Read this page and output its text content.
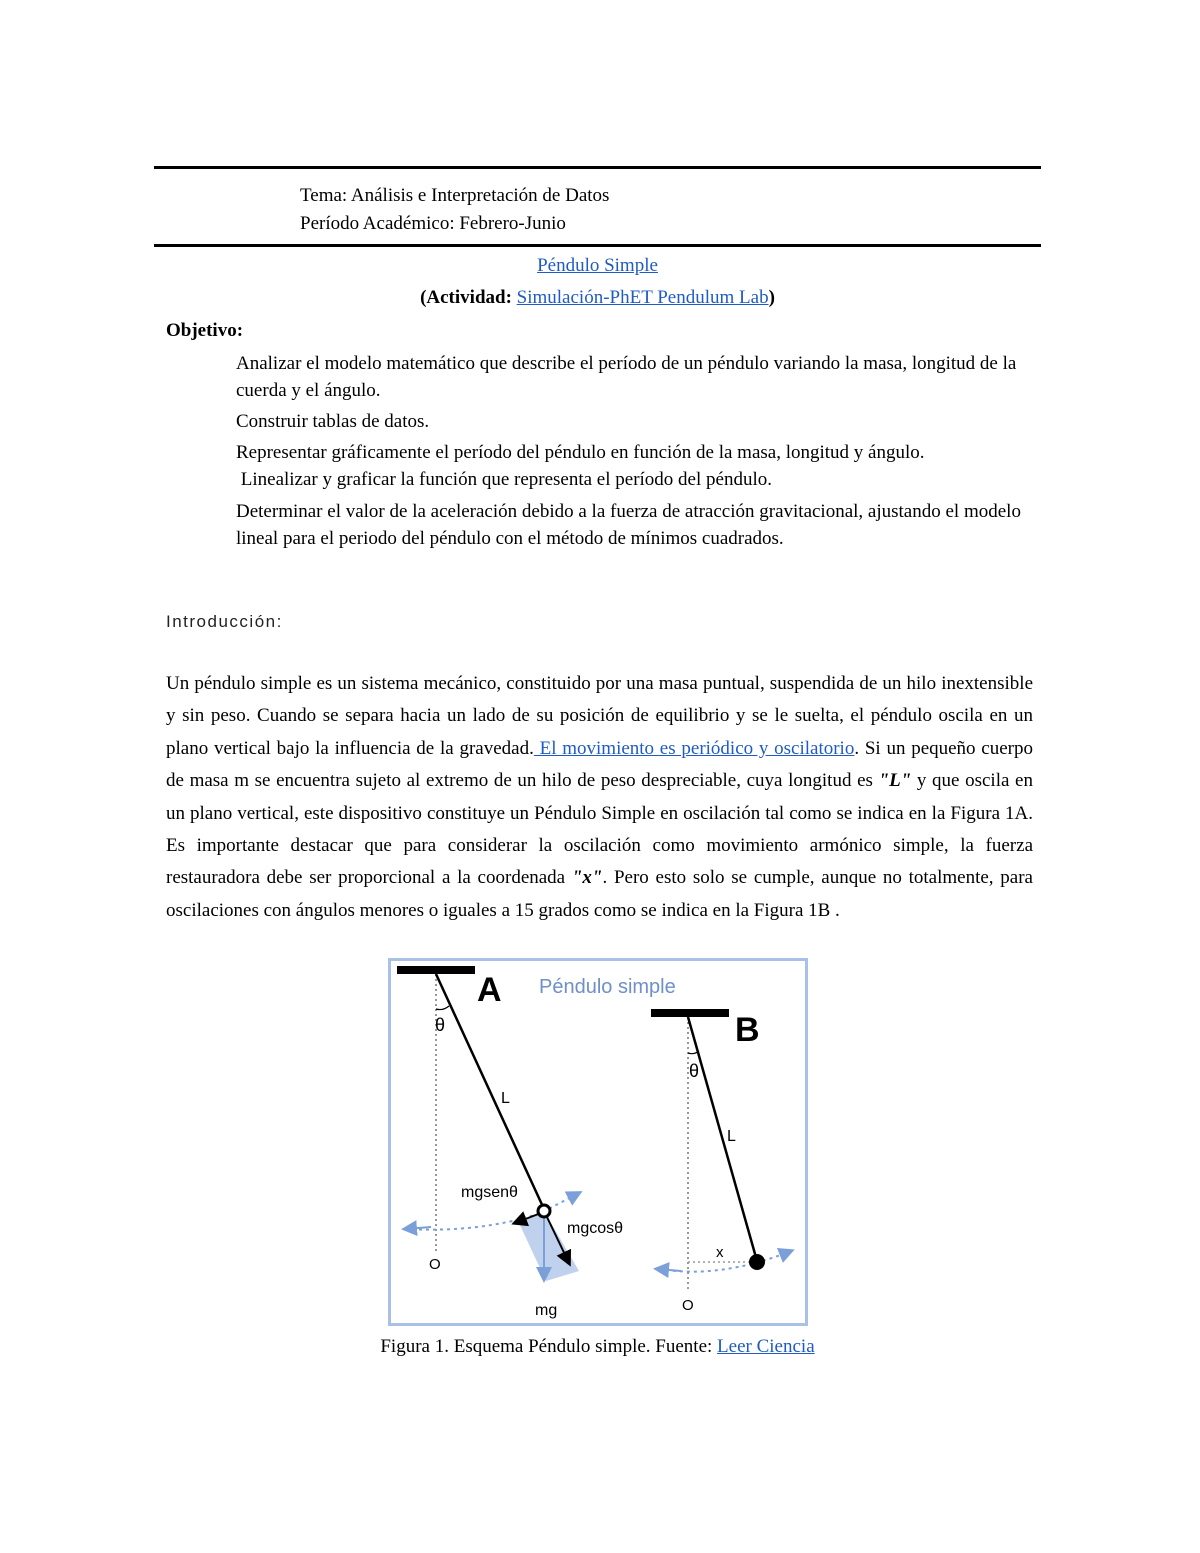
Tema: Análisis e Interpretación de Datos
Período Académico: Febrero-Junio
Péndulo Simple
(Actividad: Simulación-PhET Pendulum Lab)
Objetivo:
Analizar el modelo matemático que describe el período de un péndulo variando la masa, longitud de la cuerda y el ángulo.
Construir tablas de datos.
Representar gráficamente el período del péndulo en función de la masa, longitud y ángulo.
Linealizar y graficar la función que representa el período del péndulo.
Determinar el valor de la aceleración debido a la fuerza de atracción gravitacional, ajustando el modelo lineal para el periodo del péndulo con el método de mínimos cuadrados.
Introducción:
Un péndulo simple es un sistema mecánico, constituido por una masa puntual, suspendida de un hilo inextensible y sin peso. Cuando se separa hacia un lado de su posición de equilibrio y se le suelta, el péndulo oscila en un plano vertical bajo la influencia de la gravedad. El movimiento es periódico y oscilatorio. Si un pequeño cuerpo de masa m se encuentra sujeto al extremo de un hilo de peso despreciable, cuya longitud es "L" y que oscila en un plano vertical, este dispositivo constituye un Péndulo Simple en oscilación tal como se indica en la Figura 1A. Es importante destacar que para considerar la oscilación como movimiento armónico simple, la fuerza restauradora debe ser proporcional a la coordenada "x". Pero esto solo se cumple, aunque no totalmente, para oscilaciones con ángulos menores o iguales a 15 grados como se indica en la Figura 1B .
A Péndulo simple
θ
L
mgsenθ
mgcosθ
mg
O
B
θ
L
x
O
Figura 1. Esquema Péndulo simple. Fuente: Leer Ciencia
